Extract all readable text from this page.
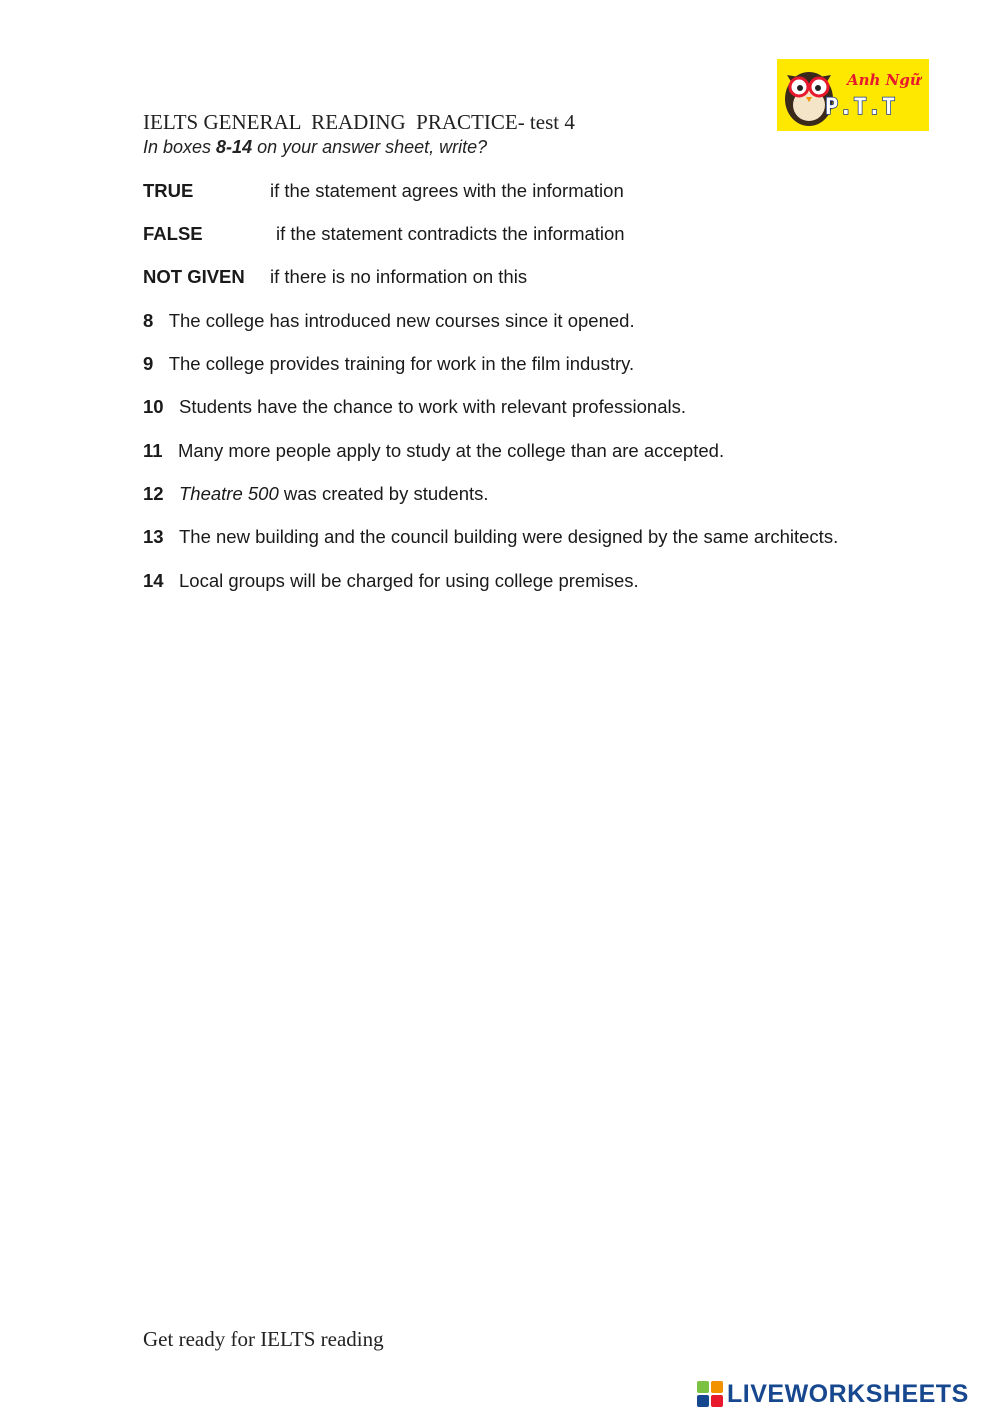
Anh Ngữ
P.T.T
IELTS GENERAL  READING  PRACTICE- test 4
In boxes 8-14 on your answer sheet, write?
TRUE	if the statement agrees with the information
FALSE	if the statement contradicts the information
NOT GIVEN if there is no information on this
8 The college has introduced new courses since it opened.
9 The college provides training for work in the film industry.
10 Students have the chance to work with relevant professionals.
11 Many more people apply to study at the college than are accepted.
12 Theatre 500 was created by students.
13 The new building and the council building were designed by the same architects.
14 Local groups will be charged for using college premises.
Get ready for IELTS reading
LIVEWORKSHEETS
